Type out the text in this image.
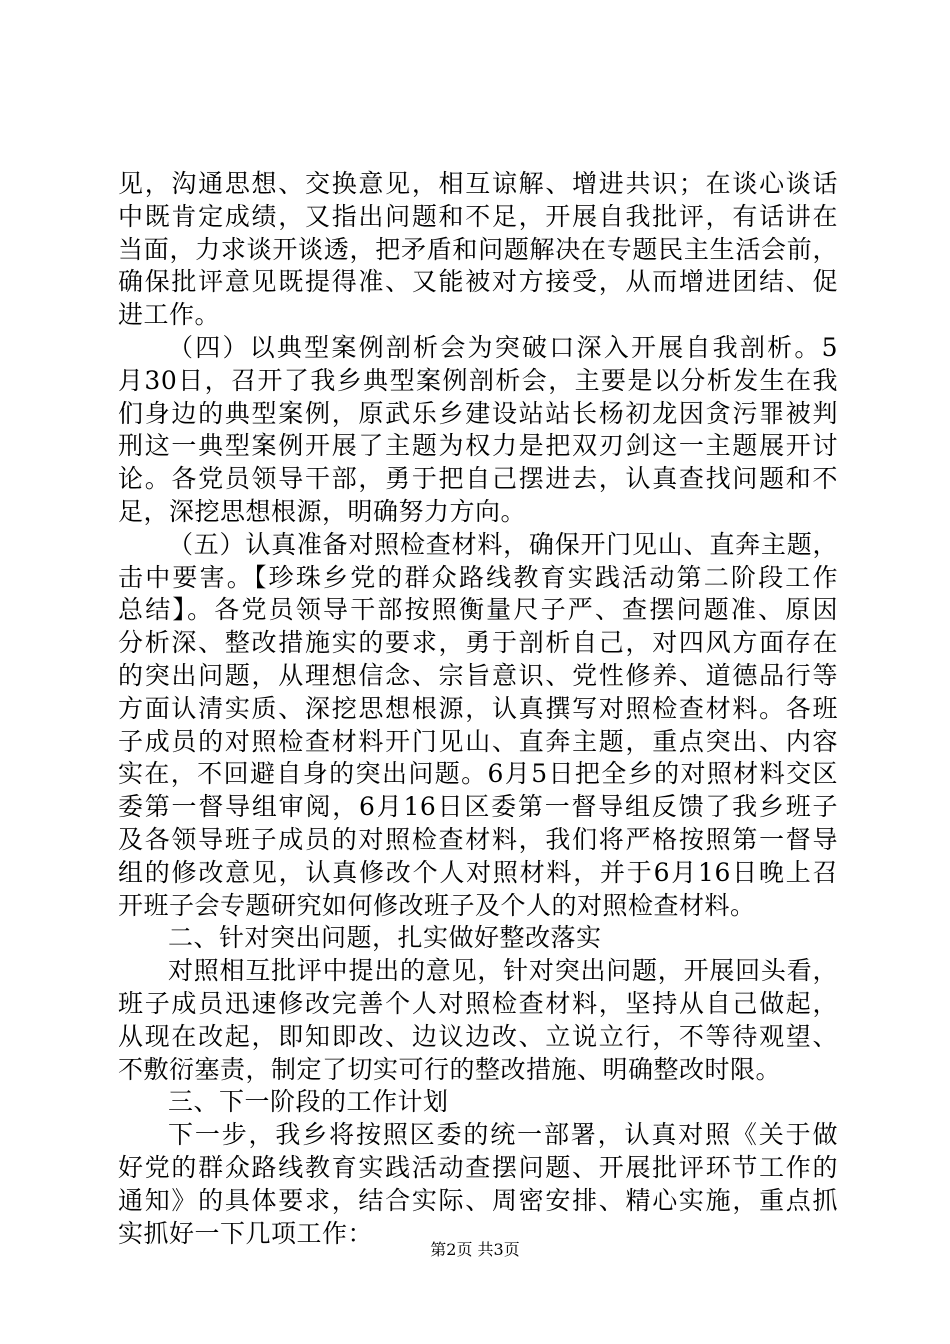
见，沟通思想、交换意见，相互谅解、增进共识；在谈心谈话
中既肯定成绩，又指出问题和不足，开展自我批评，有话讲在
当面，力求谈开谈透，把矛盾和问题解决在专题民主生活会前，
确保批评意见既提得准、又能被对方接受，从而增进团结、促
进工作。
（四）以典型案例剖析会为突破口深入开展自我剖析。5
月30日，召开了我乡典型案例剖析会，主要是以分析发生在我
们身边的典型案例，原武乐乡建设站站长杨初龙因贪污罪被判
刑这一典型案例开展了主题为权力是把双刃剑这一主题展开讨
论。各党员领导干部，勇于把自己摆进去，认真查找问题和不
足，深挖思想根源，明确努力方向。
（五）认真准备对照检查材料，确保开门见山、直奔主题，
击中要害。【珍珠乡党的群众路线教育实践活动第二阶段工作
总结】。各党员领导干部按照衡量尺子严、查摆问题准、原因
分析深、整改措施实的要求，勇于剖析自己，对四风方面存在
的突出问题，从理想信念、宗旨意识、党性修养、道德品行等
方面认清实质、深挖思想根源，认真撰写对照检查材料。各班
子成员的对照检查材料开门见山、直奔主题，重点突出、内容
实在，不回避自身的突出问题。6月5日把全乡的对照材料交区
委第一督导组审阅，6月16日区委第一督导组反馈了我乡班子
及各领导班子成员的对照检查材料，我们将严格按照第一督导
组的修改意见，认真修改个人对照材料，并于6月16日晚上召
开班子会专题研究如何修改班子及个人的对照检查材料。
二、针对突出问题，扎实做好整改落实
对照相互批评中提出的意见，针对突出问题，开展回头看，
班子成员迅速修改完善个人对照检查材料，坚持从自己做起，
从现在改起，即知即改、边议边改、立说立行，不等待观望、
不敷衍塞责，制定了切实可行的整改措施、明确整改时限。
三、下一阶段的工作计划
下一步，我乡将按照区委的统一部署，认真对照《关于做
好党的群众路线教育实践活动查摆问题、开展批评环节工作的
通知》的具体要求，结合实际、周密安排、精心实施，重点抓
实抓好一下几项工作：
第2页 共3页
